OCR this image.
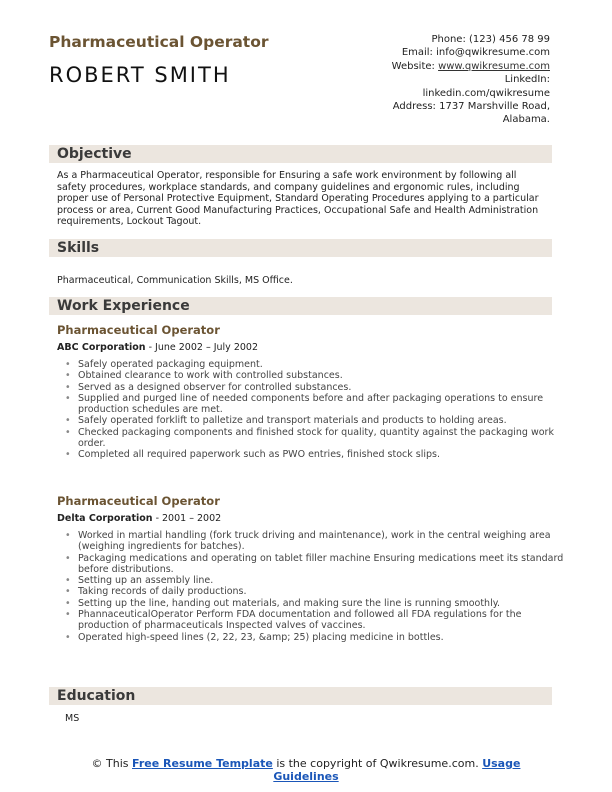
Pharmaceutical Operator
ROBERT SMITH
Phone: (123) 456 78 99
Email: info@qwikresume.com
Website: www.qwikresume.com
LinkedIn:
linkedin.com/qwikresume
Address: 1737 Marshville Road,
Alabama.
Objective
As a Pharmaceutical Operator, responsible for Ensuring a safe work environment by following all safety procedures, workplace standards, and company guidelines and ergonomic rules, including proper use of Personal Protective Equipment, Standard Operating Procedures applying to a particular process or area, Current Good Manufacturing Practices, Occupational Safe and Health Administration requirements, Lockout Tagout.
Skills
Pharmaceutical, Communication Skills, MS Office.
Work Experience
Pharmaceutical Operator
ABC Corporation - June 2002 – July 2002
• Safely operated packaging equipment.
• Obtained clearance to work with controlled substances.
• Served as a designed observer for controlled substances.
• Supplied and purged line of needed components before and after packaging operations to ensure production schedules are met.
• Safely operated forklift to palletize and transport materials and products to holding areas.
• Checked packaging components and finished stock for quality, quantity against the packaging work order.
• Completed all required paperwork such as PWO entries, finished stock slips.
Pharmaceutical Operator
Delta Corporation - 2001 – 2002
• Worked in martial handling (fork truck driving and maintenance), work in the central weighing area (weighing ingredients for batches).
• Packaging medications and operating on tablet filler machine Ensuring medications meet its standard before distributions.
• Setting up an assembly line.
• Taking records of daily productions.
• Setting up the line, handing out materials, and making sure the line is running smoothly.
• PhannaceuticalOperator Perform FDA documentation and followed all FDA regulations for the production of pharmaceuticals Inspected valves of vaccines.
• Operated high-speed lines (2, 22, 23, &amp; 25) placing medicine in bottles.
Education
MS
© This Free Resume Template is the copyright of Qwikresume.com. Usage Guidelines
